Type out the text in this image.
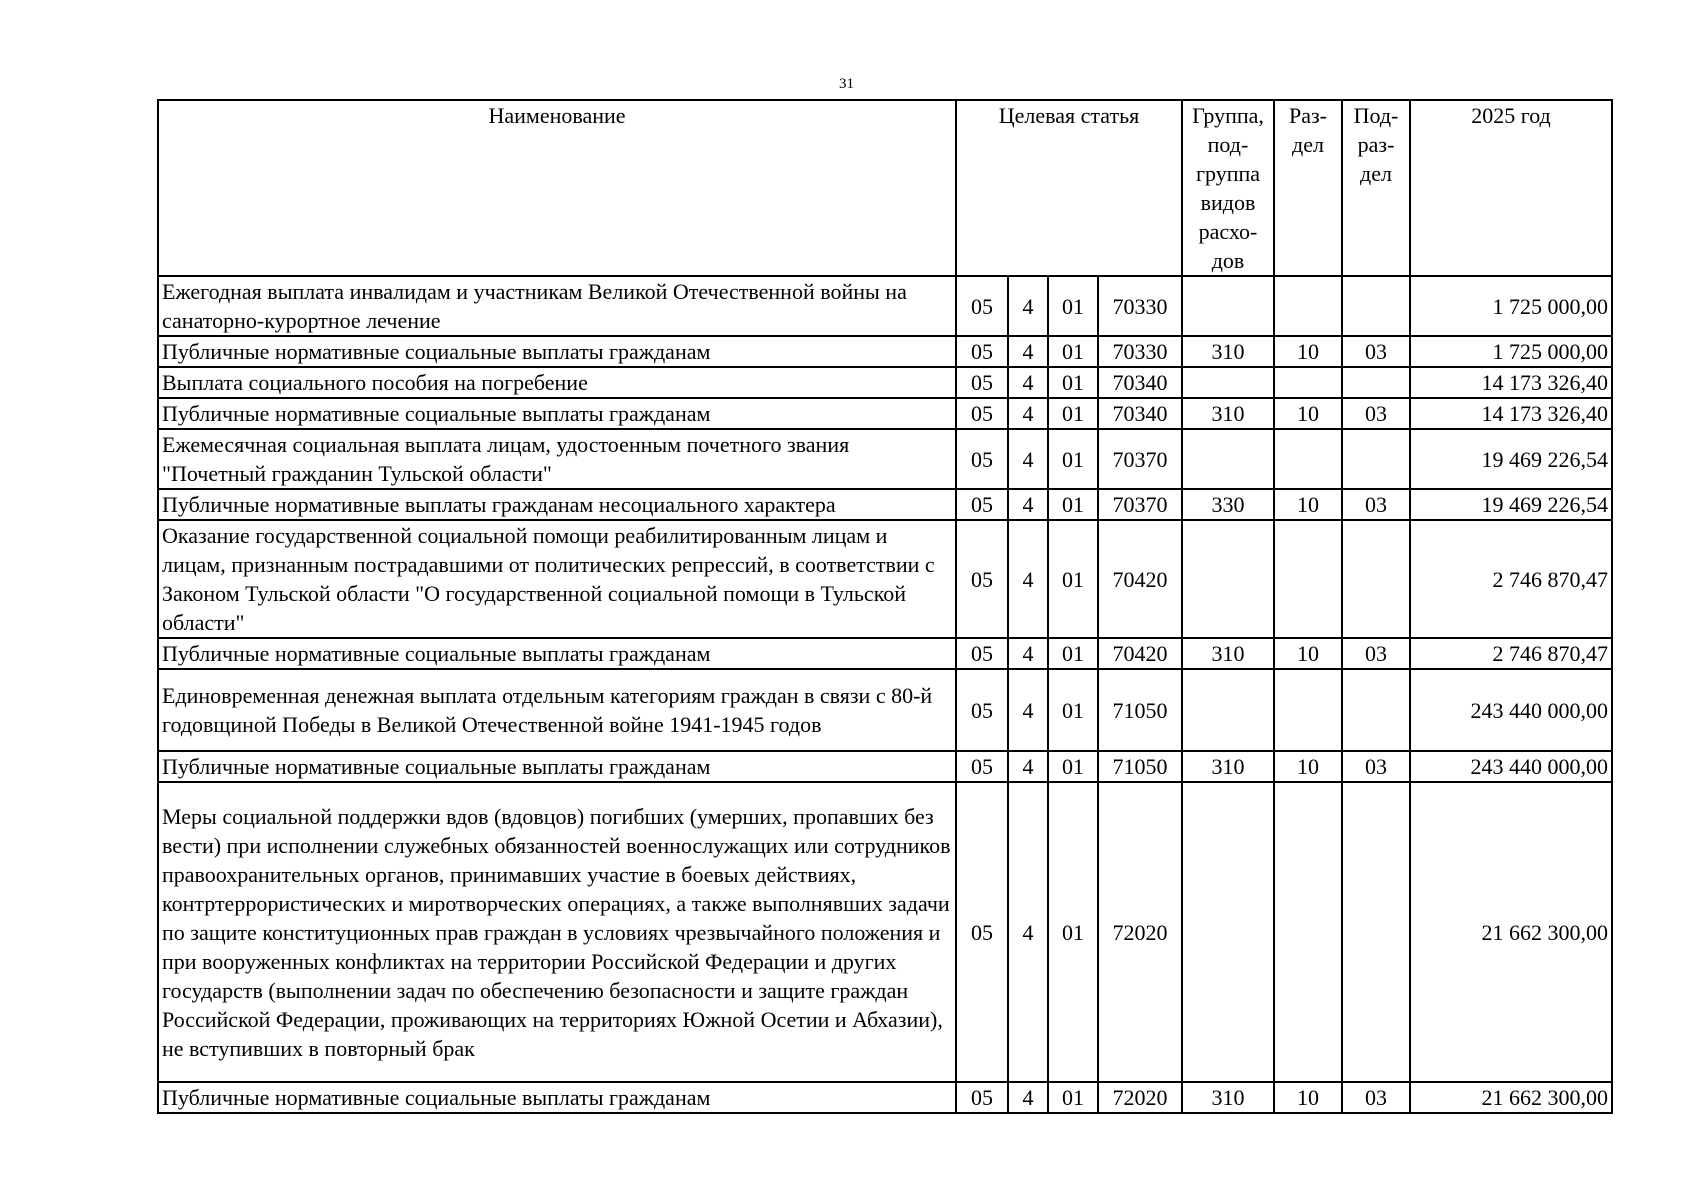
31
Наименование	Целевая статья				Группа, под-группа видов расхо-дов	Раз-дел	Под-раз-дел	2025 год
Ежегодная выплата инвалидам и участникам Великой Отечественной войны на санаторно-курортное лечение	05	4	01	70330				1 725 000,00
Публичные нормативные социальные выплаты гражданам	05	4	01	70330	310	10	03	1 725 000,00
Выплата социального пособия на погребение	05	4	01	70340				14 173 326,40
Публичные нормативные социальные выплаты гражданам	05	4	01	70340	310	10	03	14 173 326,40
Ежемесячная социальная выплата лицам, удостоенным почетного звания "Почетный гражданин Тульской области"	05	4	01	70370				19 469 226,54
Публичные нормативные выплаты гражданам несоциального характера	05	4	01	70370	330	10	03	19 469 226,54
Оказание государственной социальной помощи реабилитированным лицам и лицам, признанным пострадавшими от политических репрессий, в соответствии с Законом Тульской области "О государственной социальной помощи в Тульской области"	05	4	01	70420				2 746 870,47
Публичные нормативные социальные выплаты гражданам	05	4	01	70420	310	10	03	2 746 870,47
Единовременная денежная выплата отдельным категориям граждан в связи с 80-й годовщиной Победы в Великой Отечественной войне 1941-1945 годов	05	4	01	71050				243 440 000,00
Публичные нормативные социальные выплаты гражданам	05	4	01	71050	310	10	03	243 440 000,00
Меры социальной поддержки вдов (вдовцов) погибших (умерших, пропавших без вести) при исполнении служебных обязанностей военнослужащих или сотрудников правоохранительных органов, принимавших участие в боевых действиях, контртеррористических и миротворческих операциях, а также выполнявших задачи по защите конституционных прав граждан в условиях чрезвычайного положения и при вооруженных конфликтах на территории Российской Федерации и других государств (выполнении задач по обеспечению безопасности и защите граждан Российской Федерации, проживающих на территориях Южной Осетии и Абхазии), не вступивших в повторный брак	05	4	01	72020				21 662 300,00
Публичные нормативные социальные выплаты гражданам	05	4	01	72020	310	10	03	21 662 300,00
